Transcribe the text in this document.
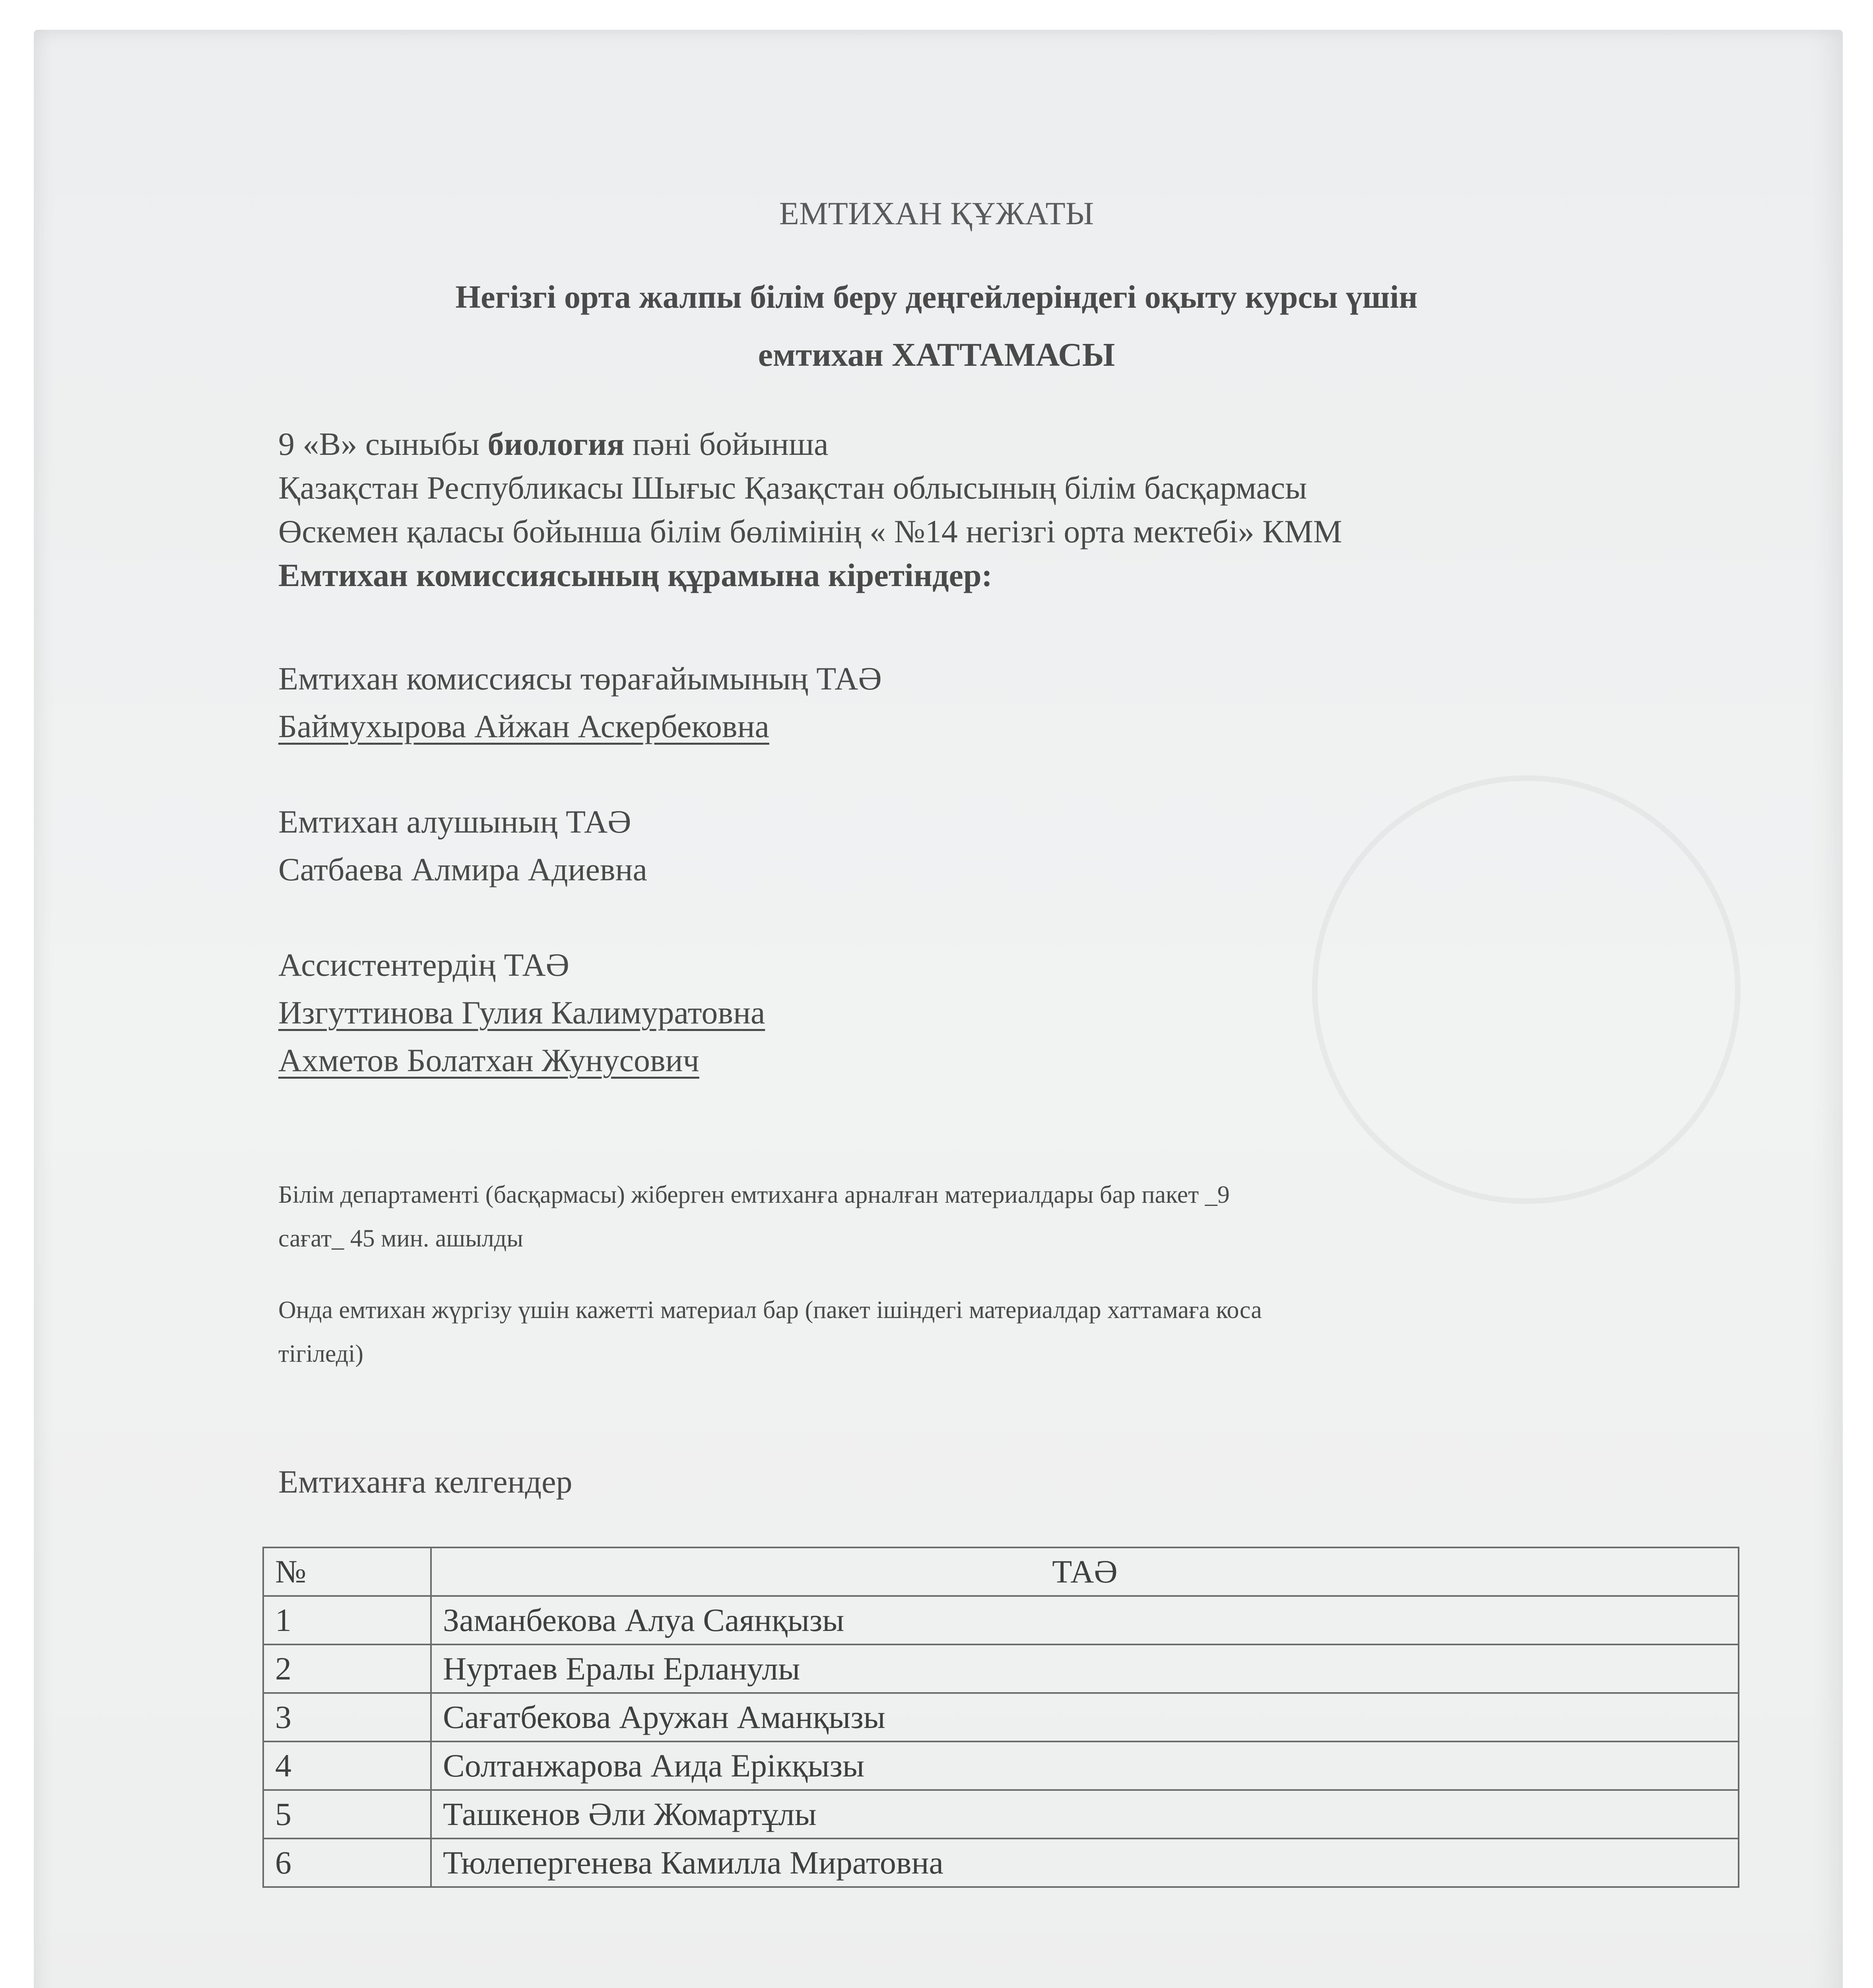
ЕМТИХАН ҚҰЖАТЫ
Негізгі орта жалпы білім беру деңгейлеріндегі оқыту курсы үшін
емтихан ХАТТАМАСЫ
9 «В» сыныбы биология пәні бойынша
Қазақстан Республикасы Шығыс Қазақстан облысының білім басқармасы
Өскемен қаласы бойынша білім бөлімінің « №14 негізгі орта мектебі» КММ
Емтихан комиссиясының құрамына кіретіндер:
Емтихан комиссиясы төрағайымының ТАӘ
Баймухырова Айжан Аскербековна
Емтихан алушының ТАӘ
Сатбаева Алмира Адиевна
Ассистентердің ТАӘ
Изгуттинова Гулия Калимуратовна
Ахметов Болатхан Жунусович
Білім департаменті (басқармасы) жіберген емтиханға арналған материалдары бар пакет _9
сағат_ 45 мин. ашылды
Онда емтихан жүргізу үшін кажетті материал бар (пакет ішіндегі материалдар хаттамаға коса
тігіледі)
Емтиханға келгендер
№	ТАӘ
1	Заманбекова Алуа Саянқызы
2	Нуртаев Ералы Ерланулы
3	Сағатбекова Аружан Аманқызы
4	Солтанжарова Аида Ерікқызы
5	Ташкенов Әли Жомартұлы
6	Тюлепергенева Камилла Миратовна
